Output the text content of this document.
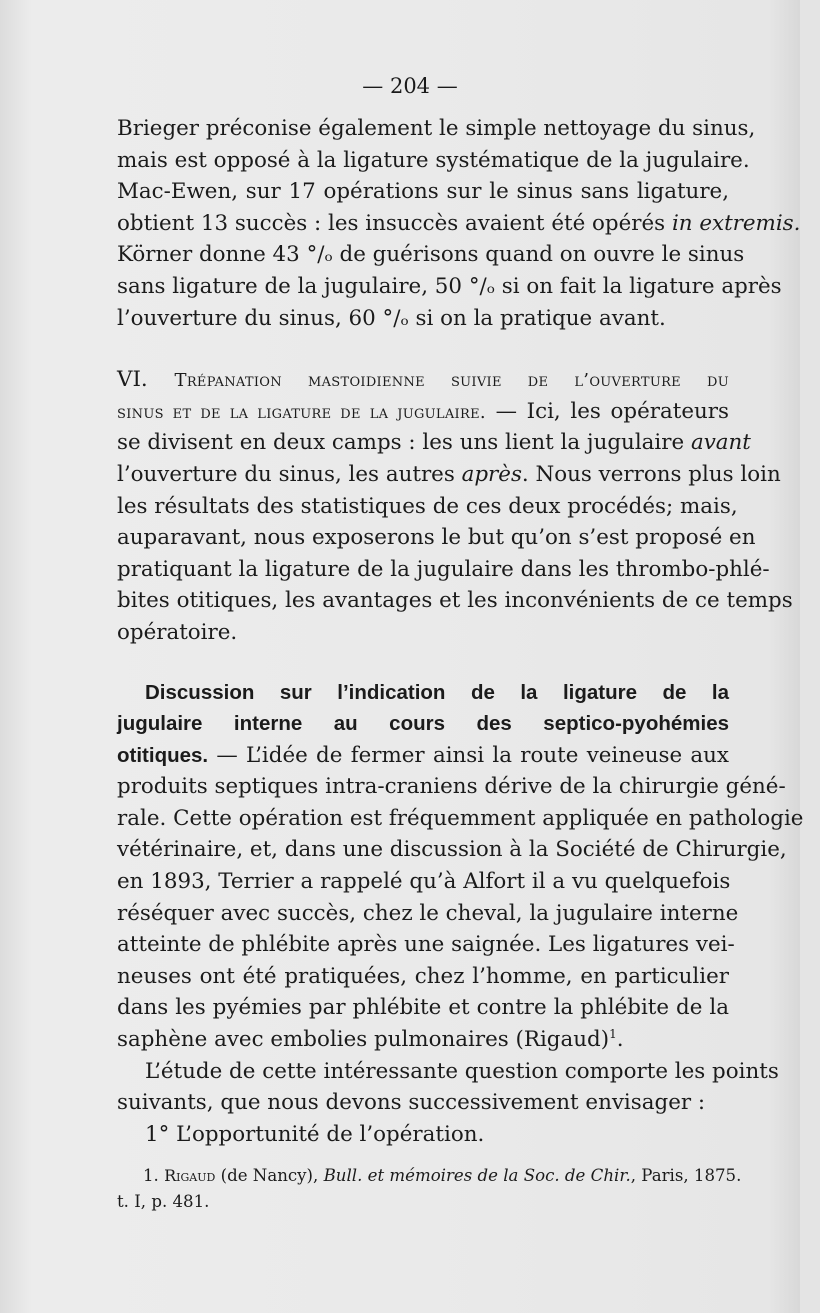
— 204 —
Brieger préconise également le simple nettoyage du sinus,
mais est opposé à la ligature systématique de la jugulaire.
Mac-Ewen, sur 17 opérations sur le sinus sans ligature,
obtient 13 succès : les insuccès avaient été opérés in extremis.
Körner donne 43 °/ₒ de guérisons quand on ouvre le sinus
sans ligature de la jugulaire, 50 °/ₒ si on fait la ligature après
l’ouverture du sinus, 60 °/ₒ si on la pratique avant.
VI. Trépanation mastoidienne suivie de l’ouverture du
sinus et de la ligature de la jugulaire. — Ici, les opérateurs
se divisent en deux camps : les uns lient la jugulaire avant
l’ouverture du sinus, les autres après. Nous verrons plus loin
les résultats des statistiques de ces deux procédés; mais,
auparavant, nous exposerons le but qu’on s’est proposé en
pratiquant la ligature de la jugulaire dans les thrombo-phlé-
bites otitiques, les avantages et les inconvénients de ce temps
opératoire.
Discussion sur l’indication de la ligature de la
jugulaire interne au cours des septico-pyohémies
otitiques. — L’idée de fermer ainsi la route veineuse aux
produits septiques intra-craniens dérive de la chirurgie géné-
rale. Cette opération est fréquemment appliquée en pathologie
vétérinaire, et, dans une discussion à la Société de Chirurgie,
en 1893, Terrier a rappelé qu’à Alfort il a vu quelquefois
réséquer avec succès, chez le cheval, la jugulaire interne
atteinte de phlébite après une saignée. Les ligatures vei-
neuses ont été pratiquées, chez l’homme, en particulier
dans les pyémies par phlébite et contre la phlébite de la
saphène avec embolies pulmonaires (Rigaud)$^1$.
L’étude de cette intéressante question comporte les points
suivants, que nous devons successivement envisager :
1° L’opportunité de l’opération.
1. Rigaud (de Nancy), Bull. et mémoires de la Soc. de Chir., Paris, 1875.
t. I, p. 481.
